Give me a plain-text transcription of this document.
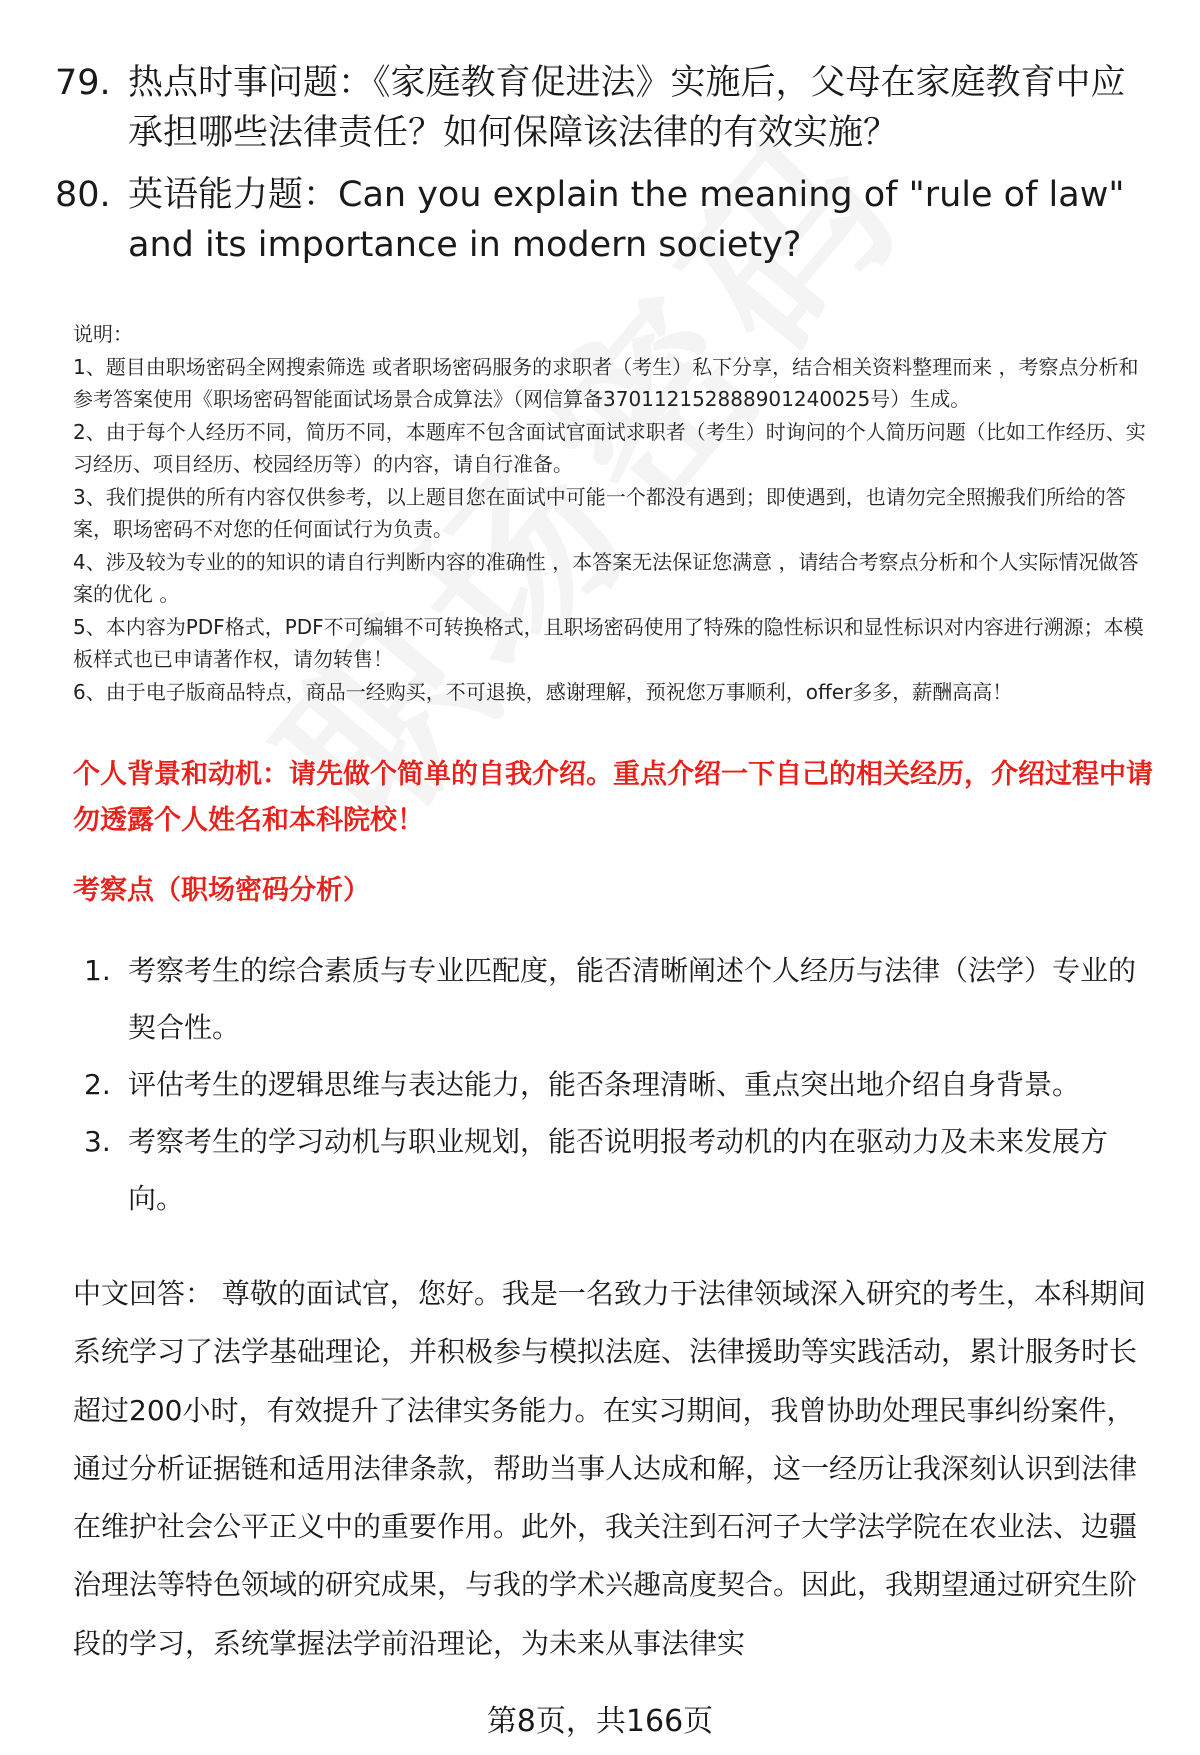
79. 热点时事问题：《家庭教育促进法》实施后，父母在家庭教育中应承担哪些法律责任？如何保障该法律的有效实施？
80. 英语能力题：Can you explain the meaning of "rule of law" and its importance in modern society?

说明：

1、题目由职场密码全网搜索筛选 或者职场密码服务的求职者（考生）私下分享，结合相关资料整理而来 ，考察点分析和参考答案使用《职场密码智能面试场景合成算法》（网信算备370112152888901240025号）生成。

2、由于每个人经历不同，简历不同，本题库不包含面试官面试求职者（考生）时询问的个人简历问题（比如工作经历、实习经历、项目经历、校园经历等）的内容，请自行准备。

3、我们提供的所有内容仅供参考，以上题目您在面试中可能一个都没有遇到；即使遇到，也请勿完全照搬我们所给的答案，职场密码不对您的任何面试行为负责。

4、涉及较为专业的的知识的请自行判断内容的准确性 ，本答案无法保证您满意 ，请结合考察点分析和个人实际情况做答案的优化 。

5、本内容为PDF格式，PDF不可编辑不可转换格式，且职场密码使用了特殊的隐性标识和显性标识对内容进行溯源；本模板样式也已申请著作权，请勿转售！

6、由于电子版商品特点，商品一经购买，不可退换，感谢理解，预祝您万事顺利，offer多多，薪酬高高！

个人背景和动机：请先做个简单的自我介绍。重点介绍一下自己的相关经历，介绍过程中请勿透露个人姓名和本科院校！
考察点（职场密码分析）
1. 考察考生的综合素质与专业匹配度，能否清晰阐述个人经历与法律（法学）专业的契合性。
2. 评估考生的逻辑思维与表达能力，能否条理清晰、重点突出地介绍自身背景。
3. 考察考生的学习动机与职业规划，能否说明报考动机的内在驱动力及未来发展方向。
中文回答： 尊敬的面试官，您好。我是一名致力于法律领域深入研究的考生，本科期间系统学习了法学基础理论，并积极参与模拟法庭、法律援助等实践活动，累计服务时长超过200小时，有效提升了法律实务能力。在实习期间，我曾协助处理民事纠纷案件，通过分析证据链和适用法律条款，帮助当事人达成和解，这一经历让我深刻认识到法律在维护社会公平正义中的重要作用。此外，我关注到石河子大学法学院在农业法、边疆治理法等特色领域的研究成果，与我的学术兴趣高度契合。因此，我期望通过研究生阶段的学习，系统掌握法学前沿理论，为未来从事法律实
第8页，共166页
